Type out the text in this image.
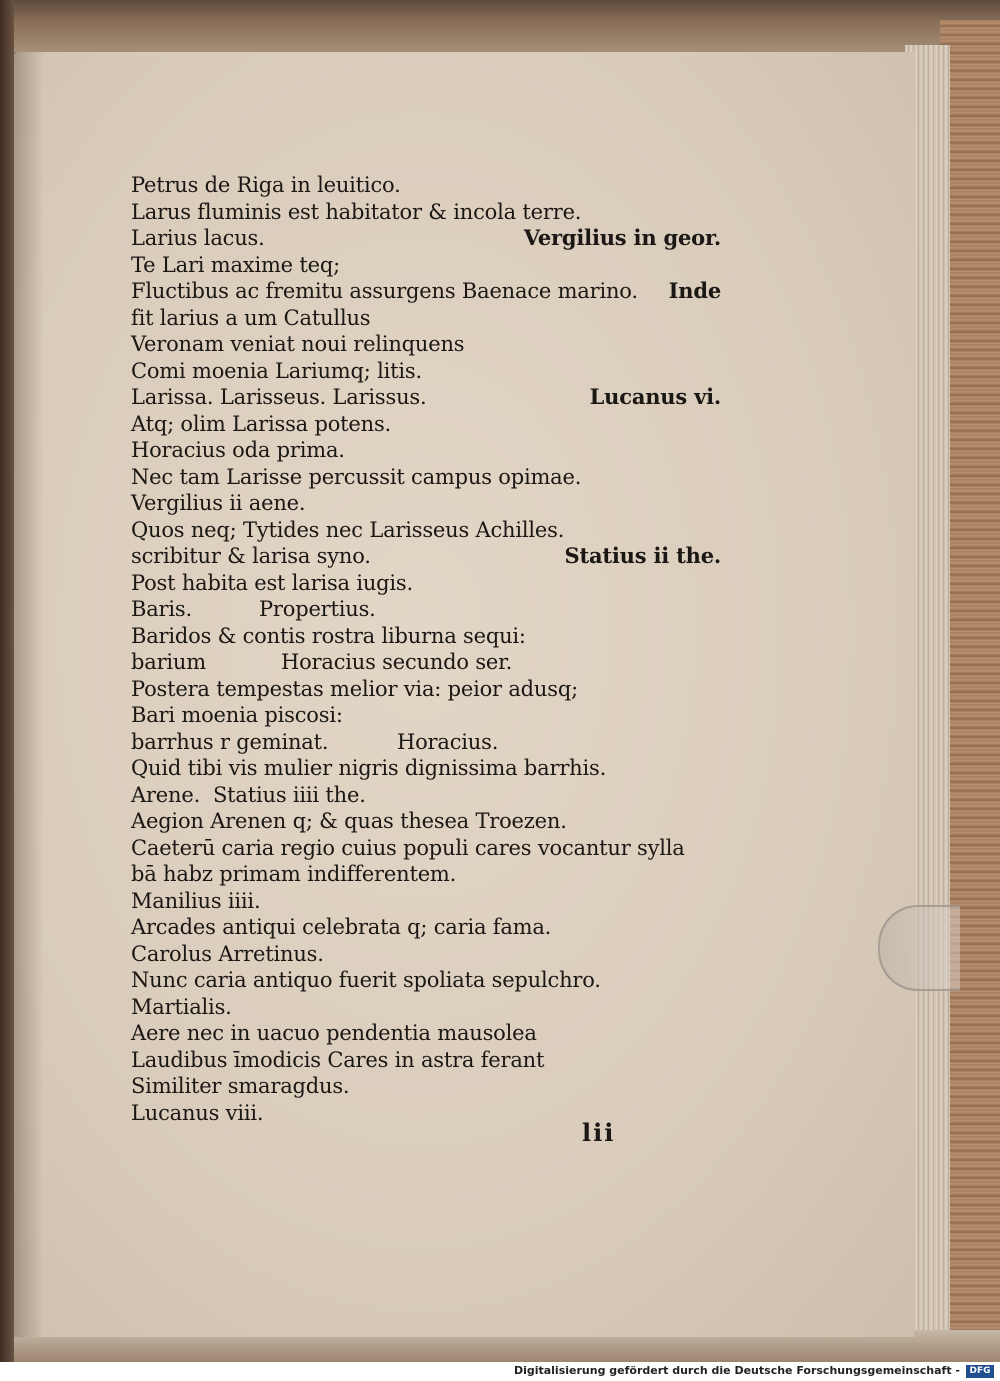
Petrus de Riga in leuitico.
Larus fluminis est habitator & incola terre.
Larius lacus.	Vergilius in geor.
Te Lari maxime teq;
Fluctibus ac fremitu assurgens Baenace marino. Inde
fit larius a um Catullus
Veronam veniat noui relinquens
Comi moenia Lariumq; litis.
Larissa. Larisseus. Larissus.	Lucanus vi.
Atq; olim Larissa potens.
Horacius oda prima.
Nec tam Larisse percussit campus opimae.
Vergilius ii aene.
Quos neq; Tytides nec Larisseus Achilles.
scribitur & larisa syno.	Statius ii the.
Post habita est larisa iugis.
Baris.	Propertius.
Baridos & contis rostra liburna sequi:
barium	Horacius secundo ser.
Postera tempestas melior via: peior adusq;
Bari moenia piscosi:
barrhus r geminat.	Horacius.
Quid tibi vis mulier nigris dignissima barrhis.
Arene. Statius iiii the.
Aegion Arenen q; & quas thesea Troezen.
Caeterū caria regio cuius populi cares vocantur sylla
bā habz primam indifferentem.
Manilius iiii.
Arcades antiqui celebrata q; caria fama.
Carolus Arretinus.
Nunc caria antiquo fuerit spoliata sepulchro.
Martialis.
Aere nec in uacuo pendentia mausolea
Laudibus īmodicis Cares in astra ferant
Similiter smaragdus.
Lucanus viii.
lii
Digitalisierung gefördert durch die Deutsche Forschungsgemeinschaft -	DFG
